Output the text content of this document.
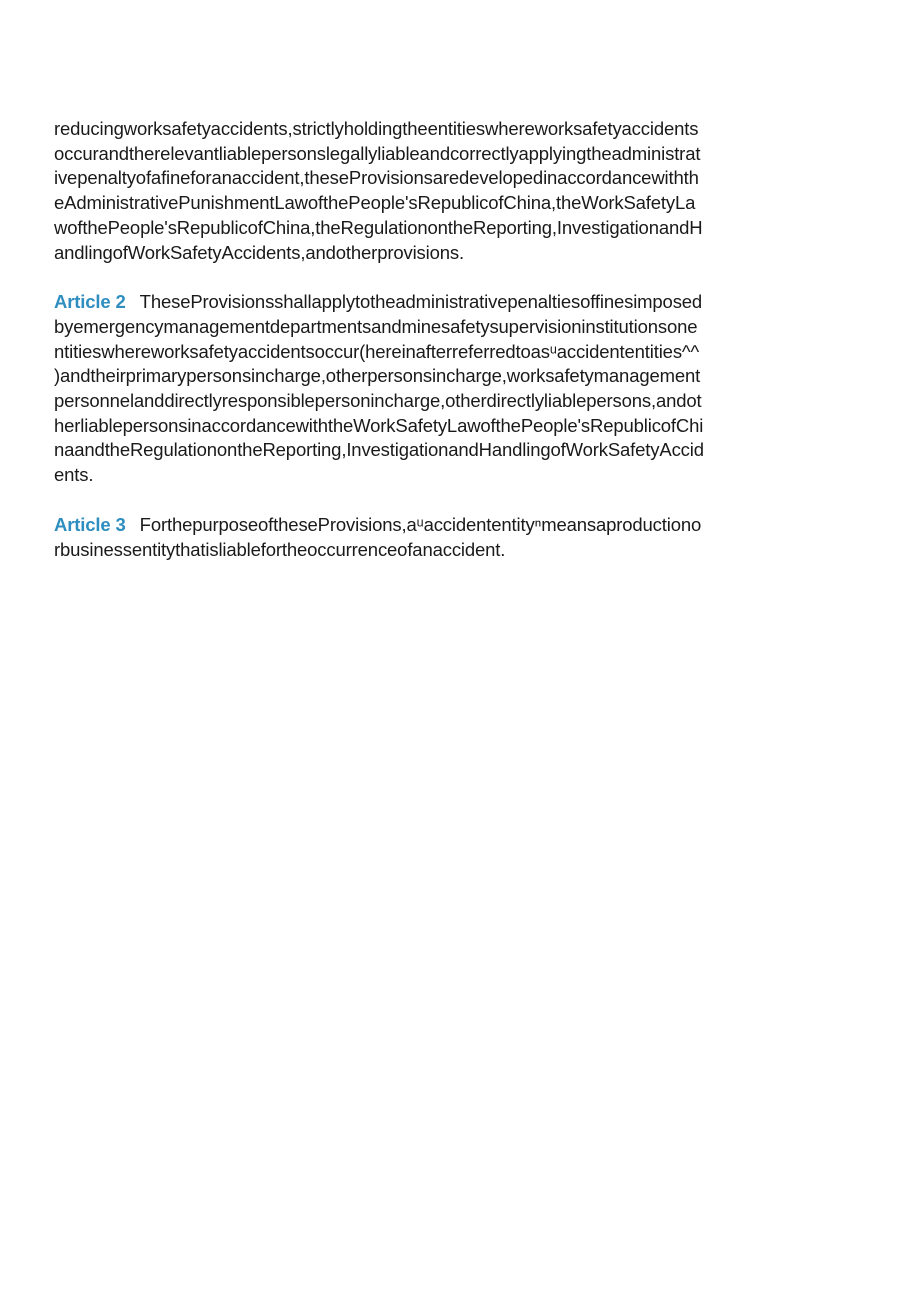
reducingworksafetyaccidents,strictlyholdingtheentitieswhereworksafetyaccidents
occurandtherelevantliablepersonslegallyliableandcorrectlyapplyingtheadministrat
ivepenaltyofafineforanaccident,theseProvisionsaredevelopedinaccordancewithth
eAdministrativePunishmentLawofthePeople'sRepublicofChina,theWorkSafetyLa
wofthePeople'sRepublicofChina,theRegulationontheReporting,InvestigationandH
andlingofWorkSafetyAccidents,andotherprovisions.

Article 2 TheseProvisionsshallapplytotheadministrativepenaltiesoffinesimposed
byemergencymanagementdepartmentsandminesafetysupervisioninstitutionsone
ntitieswhereworksafetyaccidentsoccur(hereinafterreferredtoasᵘaccidententities^^
)andtheirprimarypersonsincharge,otherpersonsincharge,worksafetymanagement
personnelanddirectlyresponsiblepersonincharge,otherdirectlyliablepersons,andot
herliablepersonsinaccordancewiththeWorkSafetyLawofthePeople'sRepublicofChi
naandtheRegulationontheReporting,InvestigationandHandlingofWorkSafetyAccid
ents.

Article 3 ForthepurposeoftheseProvisions,aᵘaccidententityⁿmeansaproductiono
rbusinessentitythatisliablefortheoccurrenceofanaccident.
